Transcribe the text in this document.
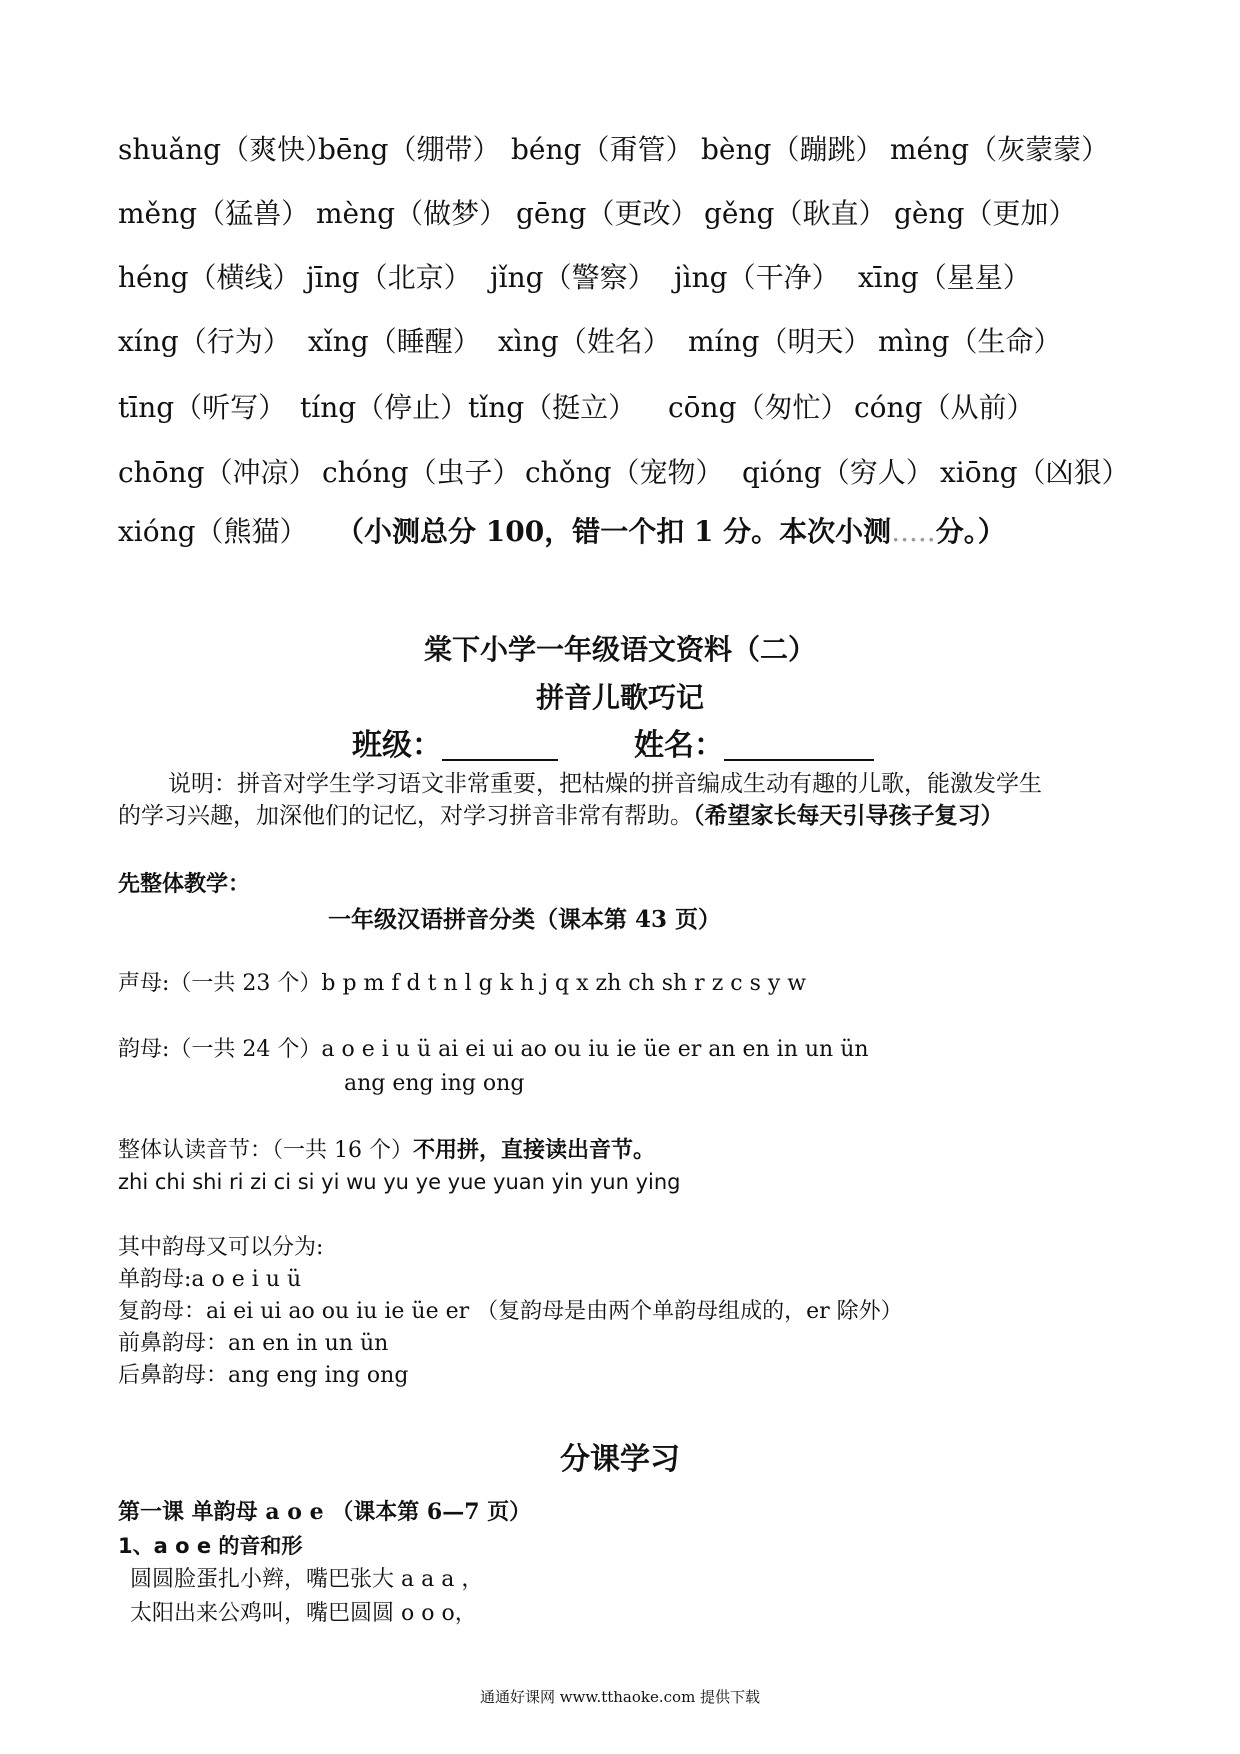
shuǎng（爽快）
bēng（绷带） béng（甭管） bèng（蹦跳） méng（灰蒙蒙）
měng（猛兽） mèng（做梦） gēng（更改） gěng（耿直） gèng（更加）
héng（横线） jīng（北京） jǐng（警察） jìng（干净） xīng（星星）
xíng（行为） xǐng（睡醒） xìng（姓名） míng（明天） mìng（生命）
tīng（听写） tíng（停止） tǐng（挺立） cōng（匆忙） cóng（从前）
chōng（冲凉） chóng（虫子） chǒng（宠物） qióng（穷人） xiōng（凶狠）
xióng（熊猫） （小测总分 100，错一个扣 1 分。本次小测.....分。）
棠下小学一年级语文资料（二）
拼音儿歌巧记
班级：	姓名：
说明：拼音对学生学习语文非常重要，把枯燥的拼音编成生动有趣的儿歌，能激发学生
的学习兴趣，加深他们的记忆，对学习拼音非常有帮助。（希望家长每天引导孩子复习）
先整体教学：
一年级汉语拼音分类（课本第 43 页）
声母:（一共 23 个）b p m f d t n l g k h j q x zh ch sh r z c s y w
韵母:（一共 24 个）a o e i u ü ai ei ui ao ou iu ie üe er an en in un ün
ang eng ing ong
整体认读音节：（一共 16 个）不用拼，直接读出音节。
zhi chi shi ri zi ci si yi wu yu ye yue yuan yin yun ying
其中韵母又可以分为:
单韵母:a o e i u ü
复韵母：ai ei ui ao ou iu ie üe er （复韵母是由两个单韵母组成的，er 除外）
前鼻韵母：an en in un ün
后鼻韵母：ang eng ing ong
分课学习
第一课 单韵母 a o e （课本第 6—7 页）
1、a o e 的音和形
圆圆脸蛋扎小辫，嘴巴张大 a a a ，
太阳出来公鸡叫，嘴巴圆圆 o o o，
通通好课网 www.tthaoke.com 提供下载
